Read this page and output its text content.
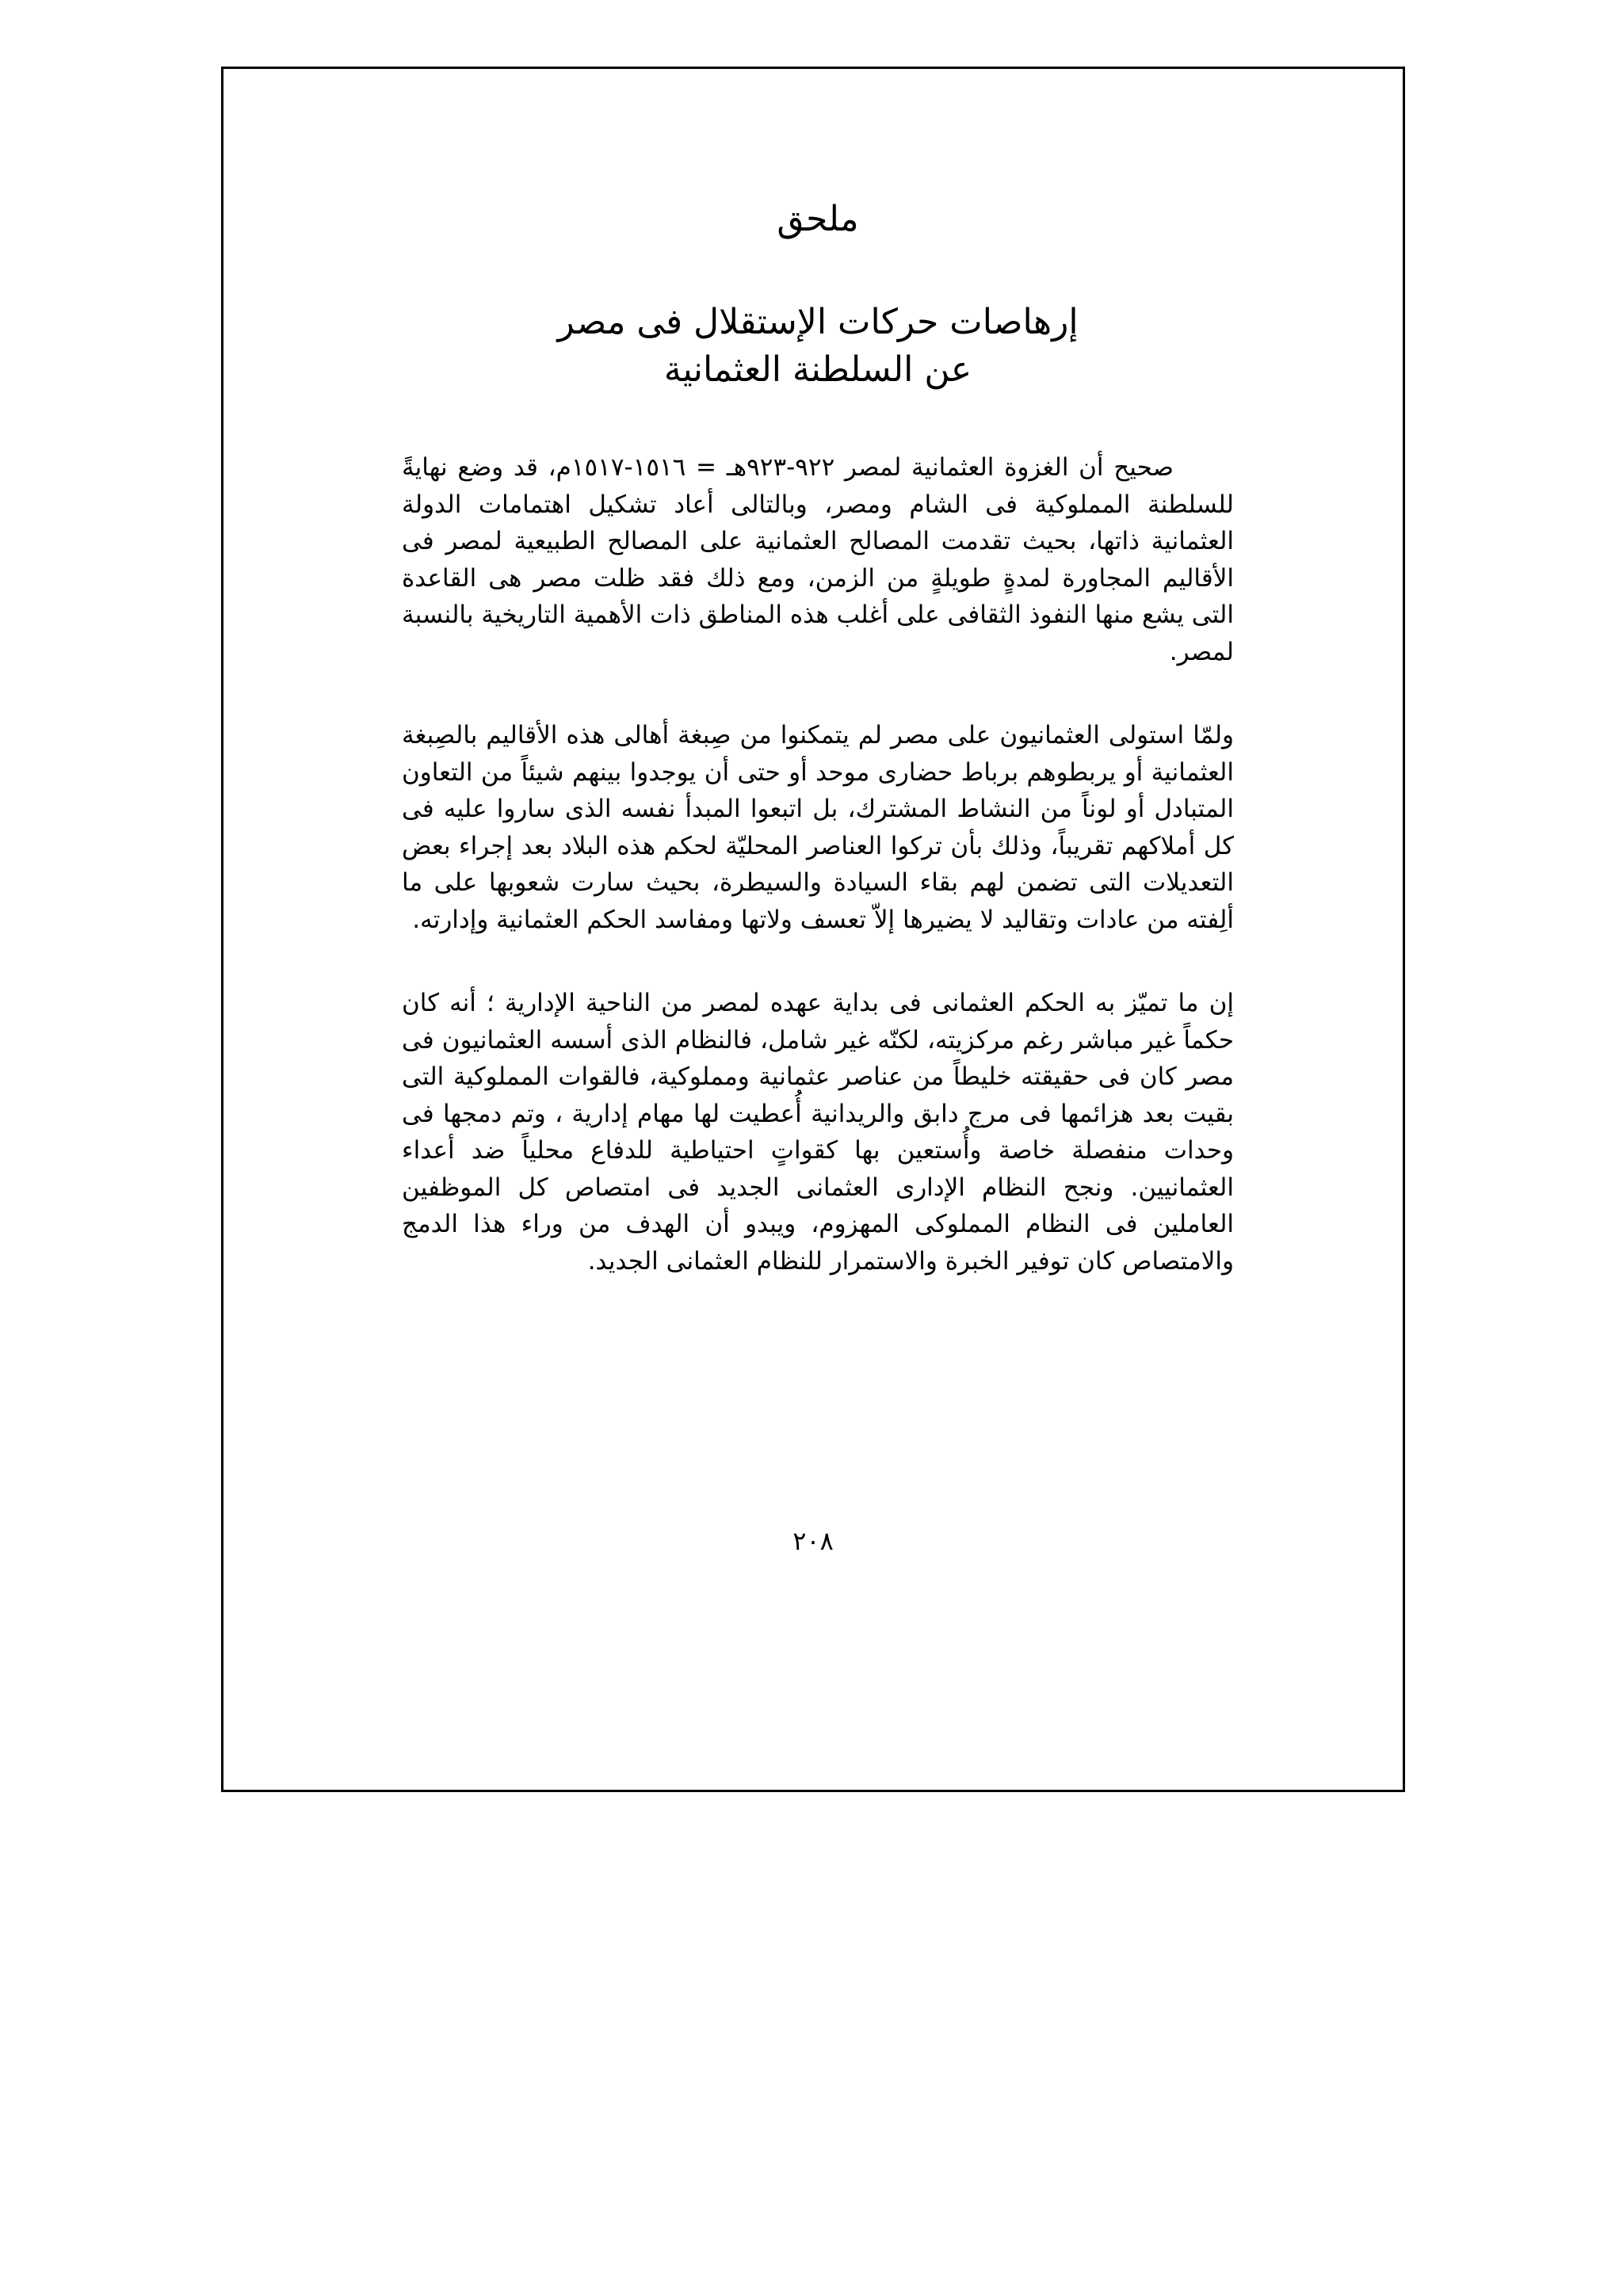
ملحق
إرهاصات حركات الإستقلال فى مصر
عن السلطنة العثمانية

صحيح أن الغزوة العثمانية لمصر ٩٢٢-٩٢٣هـ = ١٥١٦-١٥١٧م، قد وضع نهايةً للسلطنة المملوكية فى الشام ومصر، وبالتالى أعاد تشكيل اهتمامات الدولة العثمانية ذاتها، بحيث تقدمت المصالح العثمانية على المصالح الطبيعية لمصر فى الأقاليم المجاورة لمدةٍ طويلةٍ من الزمن، ومع ذلك فقد ظلت مصر هى القاعدة التى يشع منها النفوذ الثقافى على أغلب هذه المناطق ذات الأهمية التاريخية بالنسبة لمصر.

ولمّا استولى العثمانيون على مصر لم يتمكنوا من صِبغة أهالى هذه الأقاليم بالصِبغة العثمانية أو يربطوهم برباط حضارى موحد أو حتى أن يوجدوا بينهم شيئاً من التعاون المتبادل أو لوناً من النشاط المشترك، بل اتبعوا المبدأ نفسه الذى ساروا عليه فى كل أملاكهم تقريباً، وذلك بأن تركوا العناصر المحليّة لحكم هذه البلاد بعد إجراء بعض التعديلات التى تضمن لهم بقاء السيادة والسيطرة، بحيث سارت شعوبها على ما ألِفته من عادات وتقاليد لا يضيرها إلاّ تعسف ولاتها ومفاسد الحكم العثمانية وإدارته.

إن ما تميّز به الحكم العثمانى فى بداية عهده لمصر من الناحية الإدارية ؛ أنه كان حكماً غير مباشر رغم مركزيته، لكنّه غير شامل، فالنظام الذى أسسه العثمانيون فى مصر كان فى حقيقته خليطاً من عناصر عثمانية ومملوكية، فالقوات المملوكية التى بقيت بعد هزائمها فى مرج دابق والريدانية أُعطيت لها مهام إدارية ، وتم دمجها فى وحدات منفصلة خاصة وأُستعين بها كقواتٍ احتياطية للدفاع محلياً ضد أعداء العثمانيين. ونجح النظام الإدارى العثمانى الجديد فى امتصاص كل الموظفين العاملين فى النظام المملوكى المهزوم، ويبدو أن الهدف من وراء هذا الدمج والامتصاص كان توفير الخبرة والاستمرار للنظام العثمانى الجديد.

٢٠٨
